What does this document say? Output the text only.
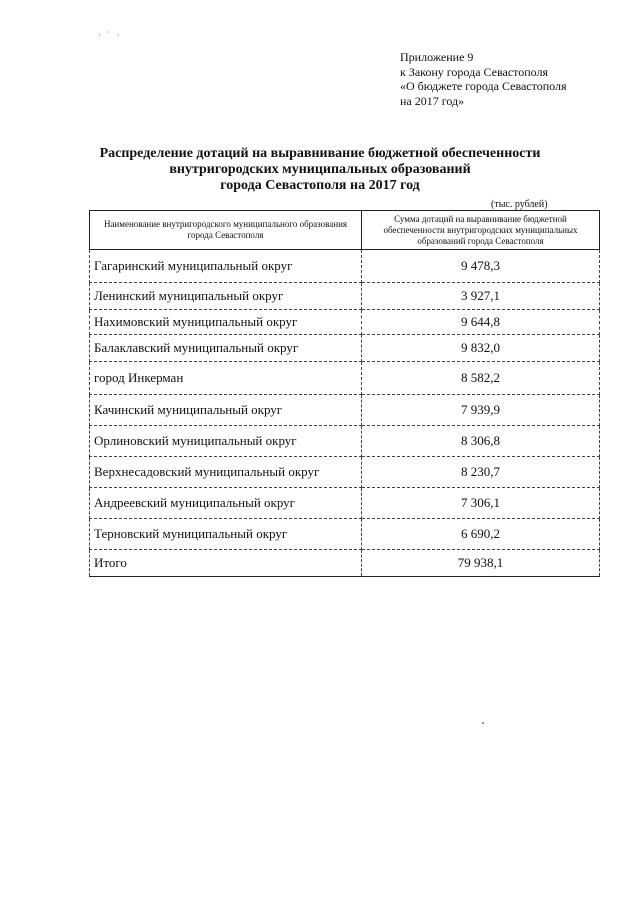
· ˙ ·
Приложение 9
к Закону города Севастополя
«О бюджете города Севастополя
на 2017 год»
Распределение дотаций на выравнивание бюджетной обеспеченности
внутригородских муниципальных образований
города Севастополя на 2017 год
(тыс. рублей)
Наименование внутригородского муниципального образования города Севастополя	Сумма дотаций на выравнивание бюджетной обеспеченности внутригородских муниципальных образований города Севастополя
Гагаринский муниципальный округ	9 478,3
Ленинский муниципальный округ	3 927,1
Нахимовский муниципальный округ	9 644,8
Балаклавский муниципальный округ	9 832,0
город Инкерман	8 582,2
Качинский муниципальный округ	7 939,9
Орлиновский муниципальный округ	8 306,8
Верхнесадовский муниципальный округ	8 230,7
Андреевский муниципальный округ	7 306,1
Терновский муниципальный округ	6 690,2
Итого	79 938,1
